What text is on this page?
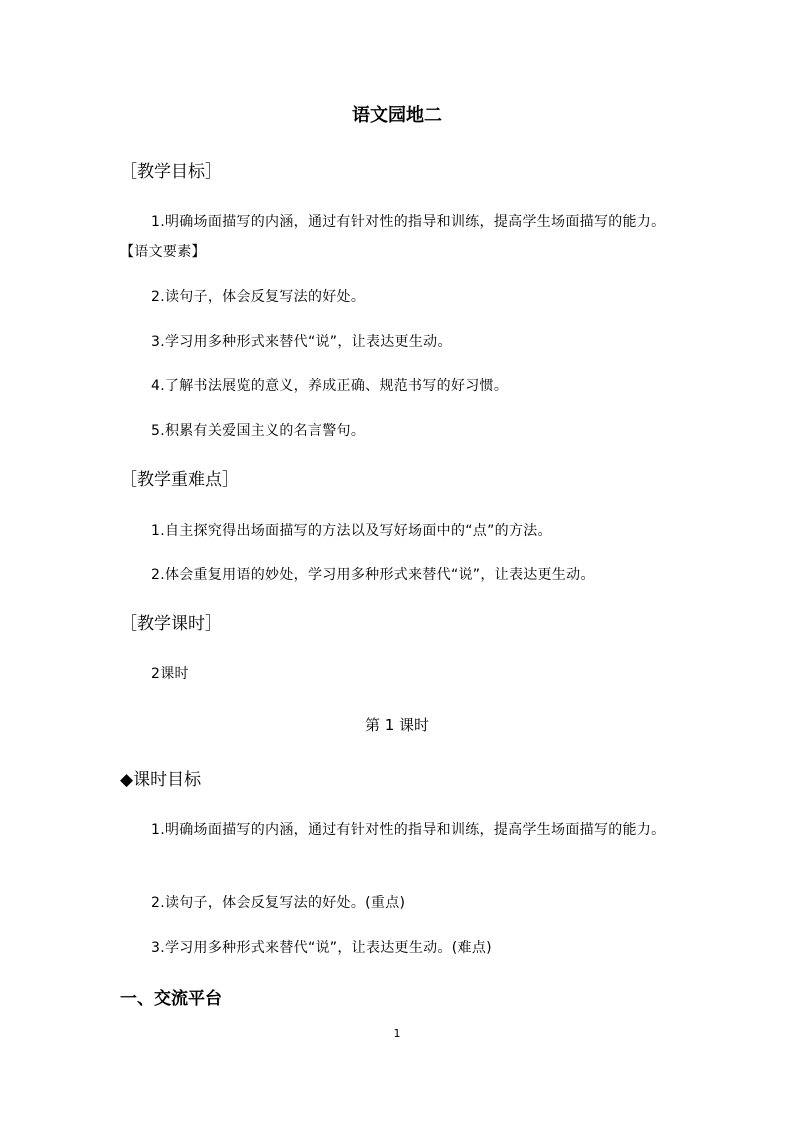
语文园地二
［教学目标］
1.明确场面描写的内涵，通过有针对性的指导和训练，提高学生场面描写的能力。【语文要素】
2.读句子，体会反复写法的好处。
3.学习用多种形式来替代“说”，让表达更生动。
4.了解书法展览的意义，养成正确、规范书写的好习惯。
5.积累有关爱国主义的名言警句。
［教学重难点］
1.自主探究得出场面描写的方法以及写好场面中的“点”的方法。
2.体会重复用语的妙处，学习用多种形式来替代“说”，让表达更生动。
［教学课时］
2课时
第 1 课时
◆课时目标
1.明确场面描写的内涵，通过有针对性的指导和训练，提高学生场面描写的能力。
2.读句子，体会反复写法的好处。(重点)
3.学习用多种形式来替代“说”，让表达更生动。(难点)
一、交流平台
1
